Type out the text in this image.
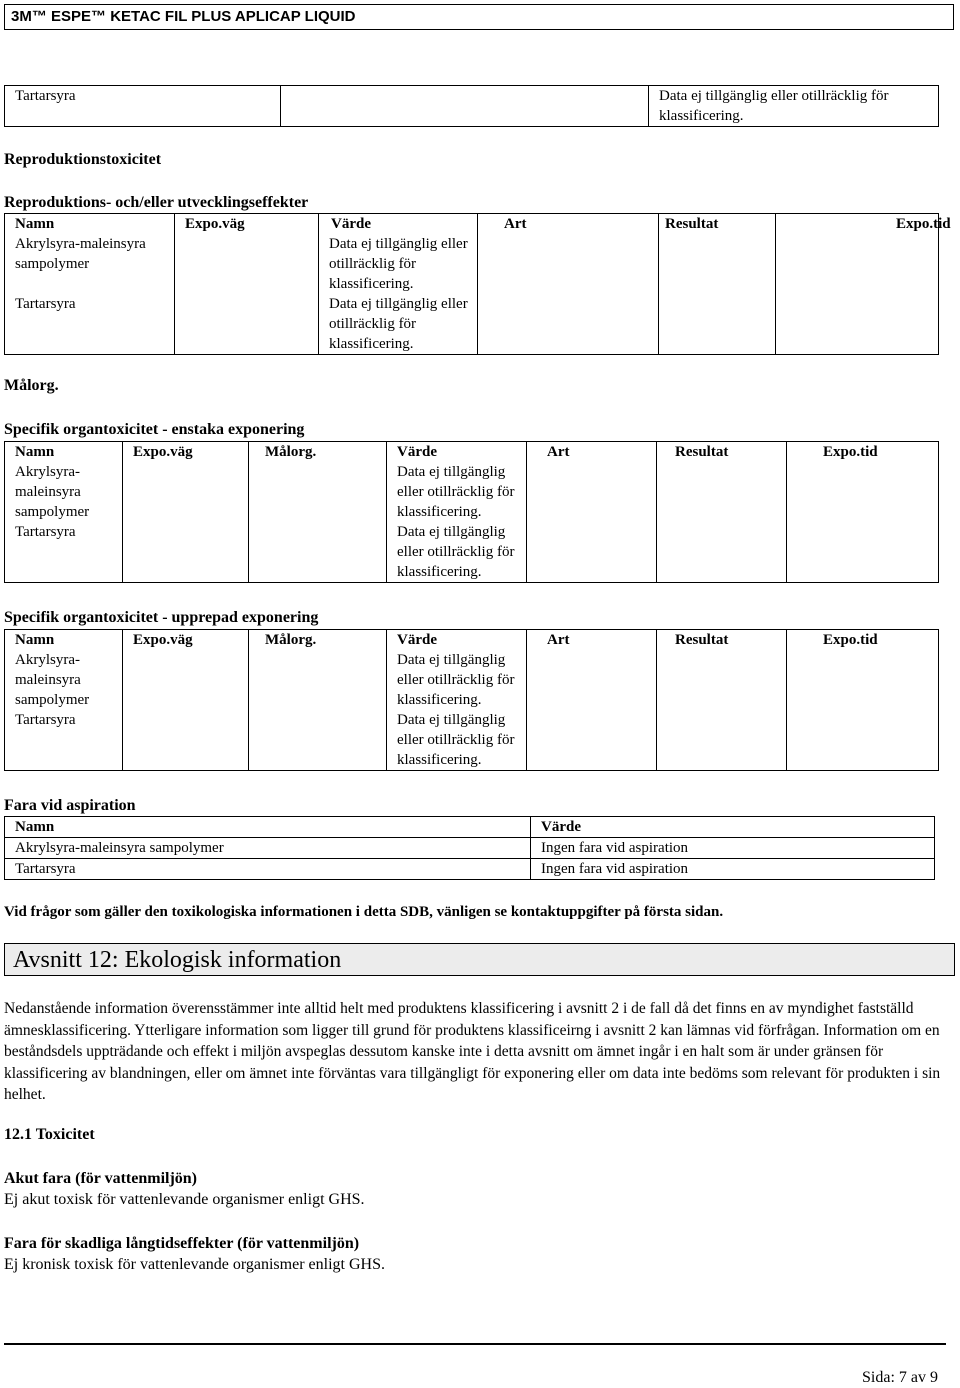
3M™ ESPE™ KETAC FIL PLUS APLICAP LIQUID
Tartarsyra		Data ej tillgänglig eller otillräcklig för klassificering.
Reproduktionstoxicitet
Reproduktions- och/eller utvecklingseffekter
Namn	Expo.väg	Värde	Art	Resultat	Expo.tid
Akrylsyra-maleinsyra sampolymer		Data ej tillgänglig eller otillräcklig för klassificering.			
Tartarsyra		Data ej tillgänglig eller otillräcklig för klassificering.			
Målorg.
Specifik organtoxicitet - enstaka exponering
Namn	Expo.väg	Målorg.	Värde	Art	Resultat	Expo.tid
Akrylsyra-maleinsyra sampolymer			Data ej tillgänglig eller otillräcklig för klassificering.			
Tartarsyra			Data ej tillgänglig eller otillräcklig för klassificering.			
Specifik organtoxicitet - upprepad exponering
Namn	Expo.väg	Målorg.	Värde	Art	Resultat	Expo.tid
Akrylsyra-maleinsyra sampolymer			Data ej tillgänglig eller otillräcklig för klassificering.			
Tartarsyra			Data ej tillgänglig eller otillräcklig för klassificering.			
Fara vid aspiration
Namn	Värde
Akrylsyra-maleinsyra sampolymer	Ingen fara vid aspiration
Tartarsyra	Ingen fara vid aspiration
Vid frågor som gäller den toxikologiska informationen i detta SDB, vänligen se kontaktuppgifter på första sidan.
Avsnitt 12: Ekologisk information
Nedanstående information överensstämmer inte alltid helt med produktens klassificering i avsnitt 2 i de fall då det finns en av myndighet fastställd ämnesklassificering. Ytterligare information som ligger till grund för produktens klassificeirng i avsnitt 2 kan lämnas vid förfrågan. Information om en beståndsdels uppträdande och effekt i miljön avspeglas dessutom kanske inte i detta avsnitt om ämnet ingår i en halt som är under gränsen för klassificering av blandningen, eller om ämnet inte förväntas vara tillgängligt för exponering eller om data inte bedöms som relevant för produkten i sin helhet.
12.1 Toxicitet
Akut fara (för vattenmiljön)
Ej akut toxisk för vattenlevande organismer enligt GHS.
Fara för skadliga långtidseffekter (för vattenmiljön)
Ej kronisk toxisk för vattenlevande organismer enligt GHS.
Sida: 7 av 9
